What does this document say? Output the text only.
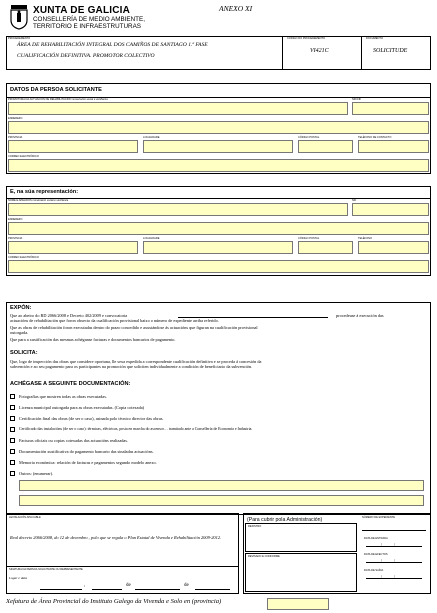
XUNTA DE GALICIA
CONSELLERÍA DE MEDIO AMBIENTE,
TERRITORIO E INFRAESTRUTURAS
ANEXO XI
PROCEDEMENTO
ÁREA DE REHABILITACIÓN INTEGRAL DOS CAMIÑOS DE SANTIAGO 1.ª FASE
CUALIFICACIÓN DEFINITIVA. PROMOTOR COLECTIVO
CÓDIGO DO PROCEDEMENTO
VI421C
DOCUMENTO
SOLICITUDE
DATOS DA PERSOA SOLICITANTE
PROMOTORA DA ACTUACIÓN DE REHABILITACIÓN nome/razón social e veciñanza	NIF/CIF
ENDEREZO
PROVINCIA	LOCALIDADE	CÓDIGO POSTAL	TELÉFONO DE CONTACTO
CORREO ELECTRÓNICO
E, na súa representación:
NOME E APELIDOS nome/razón social e veciñanza	NIF
ENDEREZO
PROVINCIA	LOCALIDADE	CÓDIGO POSTAL	TELÉFONO
CORREO ELECTRÓNICO
EXPÓN:
Que ao abeiro do RD 2066/2008 e Decreto 402/2009 e convocatoria	procedeuse á execución das
actuacións de rehabilitación que foron obxecto da cualificación provisional baixo o número de expediente arriba referido.
Que as obras de rehabilitación foron executadas dentro do prazo concedido e axustándose ás actuacións que figuran na cualificación provisional
outorgada.
Que para a xustificación das mesmas achéganse facturas e documentos bancarios de pagamento.
SOLICITA:
Que, logo de inspección das obras que considere oportuna, lle sexa expedida a correspondente cualificación definitiva e se proceda á concesión da
subvención e ao seu pagamento para os participantes na promoción que soliciten individualmente a condición de beneficiario da subvención.
ACHÉGASE A SEGUINTE DOCUMENTACIÓN:
Fotografías que mostren todas as obras executadas.
Licenza municipal outorgada para as obras executadas. (Copia cotexada)
Certificación final das obras (de ser o caso), asinada polo técnico director das obras.
Certificado das instalacións (de ser o caso): térmicas, eléctricas, posta en marcha do ascensor… tramitado ante a Consellería de Economía e Industria.
Facturas oficiais ou copias cotexadas das actuacións realizadas.
Documentación xustificativa do pagamento bancario das sinaladas actuacións.
Memoria económica: relación de facturas e pagamentos segundo modelo anexo.
Outros: (enumerar).
LEXISLACIÓN APLICABLE
Real decreto 2066/2008, do 12 de decembro , polo que se regula o Plan Estatal de Vivenda e Rehabilitación 2009-2012.
SINATURA DA PERSOA SOLICITANTE OU REPRESENTANTE
Lugar e data
,	de	de
(Para cubrir pola Administración)
REXISTRO
REVISADO E CONFORME
NÚMERO DE EXPEDIENTE
DATA DE ENTRADA
//
DATA DE EFECTOS
//
DATA DE SAÍDA
//
Xefatura de Área Provincial do Instituto Galego da Vivenda e Solo en (provincia)
